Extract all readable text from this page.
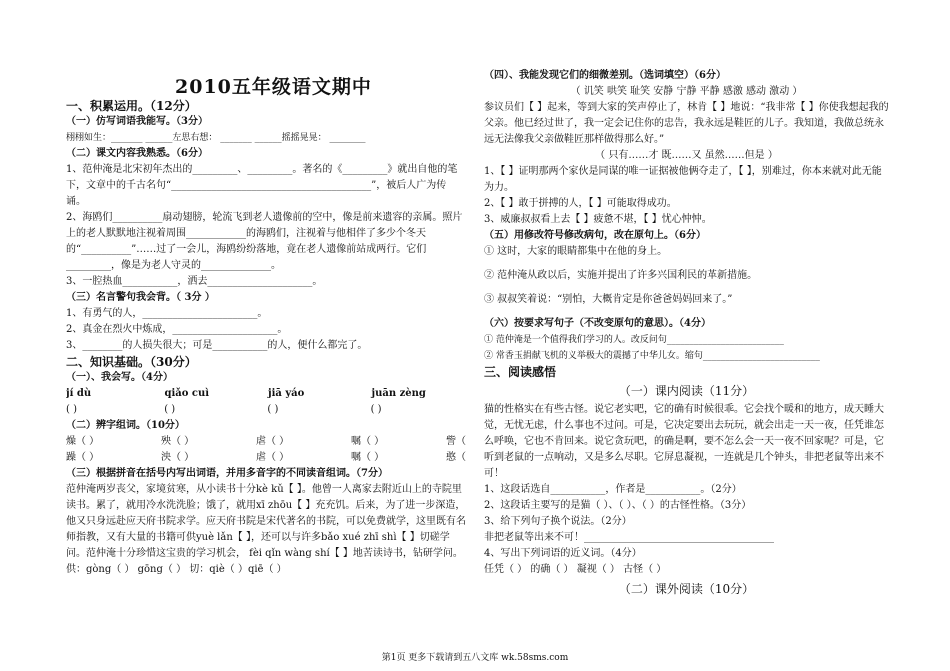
2010五年级语文期中
一、积累运用。（12分）
（一）仿写词语我能写。（3分）
栩栩如生：_______ ______左思右想： _______ ______摇摇晃晃： ________
（二）课文内容我熟悉。（6分）
1、范仲淹是北宋初年杰出的_________、_________。著名的《_________》就出自他的笔下，文章中的千古名句“________________________________________”，被后人广为传诵。
2、海鸥们__________扇动翅膀，轮流飞到老人遗像前的空中，像是前来遗容的亲属。照片上的老人默默地注视着周围____________的海鸥们，注视着与他相伴了多少个冬天的“__________”……过了一会儿，海鸥纷纷落地，竟在老人遗像前站成两行。它们_________，像是为老人守灵的______________。
3、一腔热血___________，洒去_____________________。
（三）名言警句我会背。（ 3分 ）
1、有勇气的人，_______________________。
2、真金在烈火中炼成，_____________________。
3、________的人损失很大；可是___________的人，便什么都完了。
二、知识基础。（30分）
（一）、我会写。（4分）
jí dù	qiǎo cuì	jiā yáo	juān zèng
( )	( )	( )	( )
（二）辨字组词。（10分）
燥（ ）	殃（ ）	虐（ ）	嘱（ ）	訾（
躁（ ）	泱（ ）	虐（ ）	嘱（ ）	憨（
（三）根据拼音在括号内写出词语，并用多音字的不同读音组词。（7分）
范仲淹两岁丧父，家境贫寒，从小读书十分kè kǔ【 】。他曾一人离家去附近山上的寺院里读书。累了，就用冷水洗洗脸；饿了，就用xī zhōu【 】充充饥。后来，为了进一步深造，他又只身远赴应天府书院求学。应天府书院是宋代著名的书院，可以免费就学，这里既有名师指教，又有大量的书籍可供yuè lǎn【 】，还可以与许多bǎo xué zhī shì【 】切磋学问。范仲淹十分珍惜这宝贵的学习机会， fèi qǐn wàng shí【 】地苦读诗书，钻研学问。
供：gòng（ ） gōng（ ） 切：qiè（ ）qiē（ ）
（四）、我能发现它们的细微差别。（选词填空）（6分）
（ 讥笑 哄笑 耻笑 安静 宁静 平静 感激 感动 激动 ）
参议员们【 】起来，等到大家的笑声停止了，林肯【 】地说：“我非常【 】你使我想起我的父亲。他已经过世了，我一定会记住你的忠告，我永远是鞋匠的儿子。我知道，我做总统永远无法像我父亲做鞋匠那样做得那么好。”
（ 只有……才 既……又 虽然……但是 ）
1、【 】证明那两个家伙是同谋的唯一证据被他俩夺走了，【 】，别难过，你本来就对此无能为力。
2、【 】敢于拼搏的人，【 】可能取得成功。
3、威廉叔叔看上去【 】疲惫不堪，【 】忧心忡忡。
（五）用修改符号修改病句，改在原句上。（6分）
① 这时，大家的眼睛都集中在他的身上。
② 范仲淹从政以后，实施并提出了许多兴国利民的革新措施。
③ 叔叔笑着说：“别怕，大概肯定是你爸爸妈妈回来了。”
（六）按要求写句子（不改变原句的意思）。（4分）
① 范仲淹是一个值得我们学习的人。改反问句__________________________
② 常香玉捐献飞机的义举极大的震撼了中华儿女。缩句__________________________
三、阅读感悟
（一）课内阅读（11分）
猫的性格实在有些古怪。说它老实吧，它的确有时候很乖。它会找个暖和的地方，成天睡大觉，无忧无虑，什么事也不过问。可是，它决定要出去玩玩，就会出走一天一夜，任凭谁怎么呼唤，它也不肯回来。说它贪玩吧，的确是啊，要不怎么会一天一夜不回家呢？可是，它听到老鼠的一点响动，又是多么尽职。它屏息凝视，一连就是几个钟头，非把老鼠等出来不可！
1、这段话选自___________，作者是___________。（2分）
2、这段话主要写的是猫（ ）、（ ）、（ ）的古怪性格。（3分）
3、给下列句子换个说法。（2分）
非把老鼠等出来不可！______________________________________
4、写出下列词语的近义词。（4分）
任凭（ ） 的确（ ） 凝视（ ） 古怪（ ）
（二）课外阅读（10分）
第1页 更多下载请到五八文库 wk.58sms.com
